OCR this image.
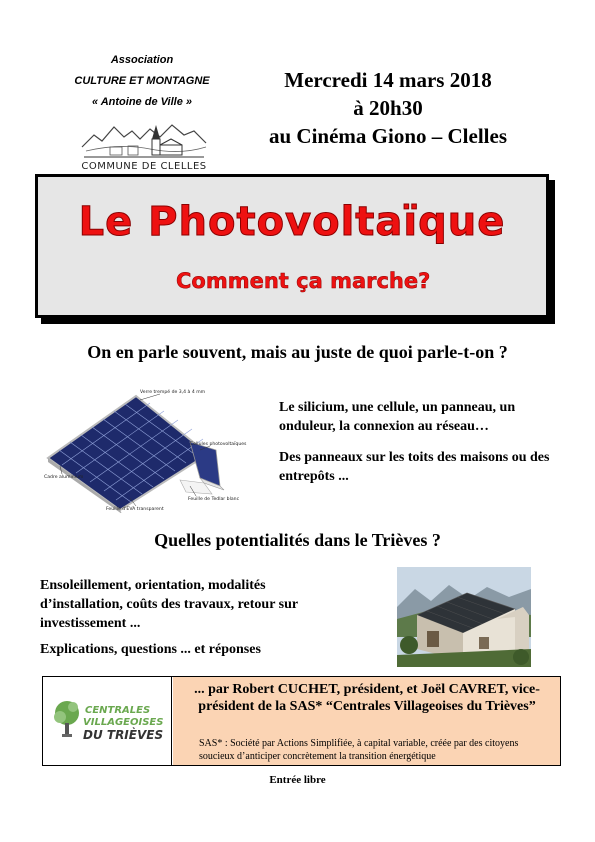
Association
CULTURE ET MONTAGNE
« Antoine de Ville »
COMMUNE DE CLELLES
Mercredi 14 mars 2018
à 20h30
au Cinéma Giono – Clelles
Le Photovoltaïque
Comment ça marche?
On en parle souvent, mais au juste de quoi parle-t-on ?
Verre trempé de 3,4 à 4 mm
Cellules photovoltaïques
Cadre aluminium
Feuille d'EVA transparent
Feuille de Tedlar blanc
Le silicium, une cellule, un panneau, un onduleur, la connexion au réseau…
Des panneaux sur les toits des maisons ou des entrepôts ...
Quelles potentialités dans le Trièves ?
Ensoleillement, orientation, modalités d’installation, coûts des travaux, retour sur investissement ...
Explications, questions ... et réponses
CENTRALES
VILLAGEOISES
DU TRIÈVES
... par Robert CUCHET, président, et Joël CAVRET, vice-président de la SAS* “Centrales Villageoises du Trièves”
SAS* : Société par Actions Simplifiée, à capital variable, créée par des citoyens soucieux d’anticiper concrètement la transition énergétique
Entrée libre
